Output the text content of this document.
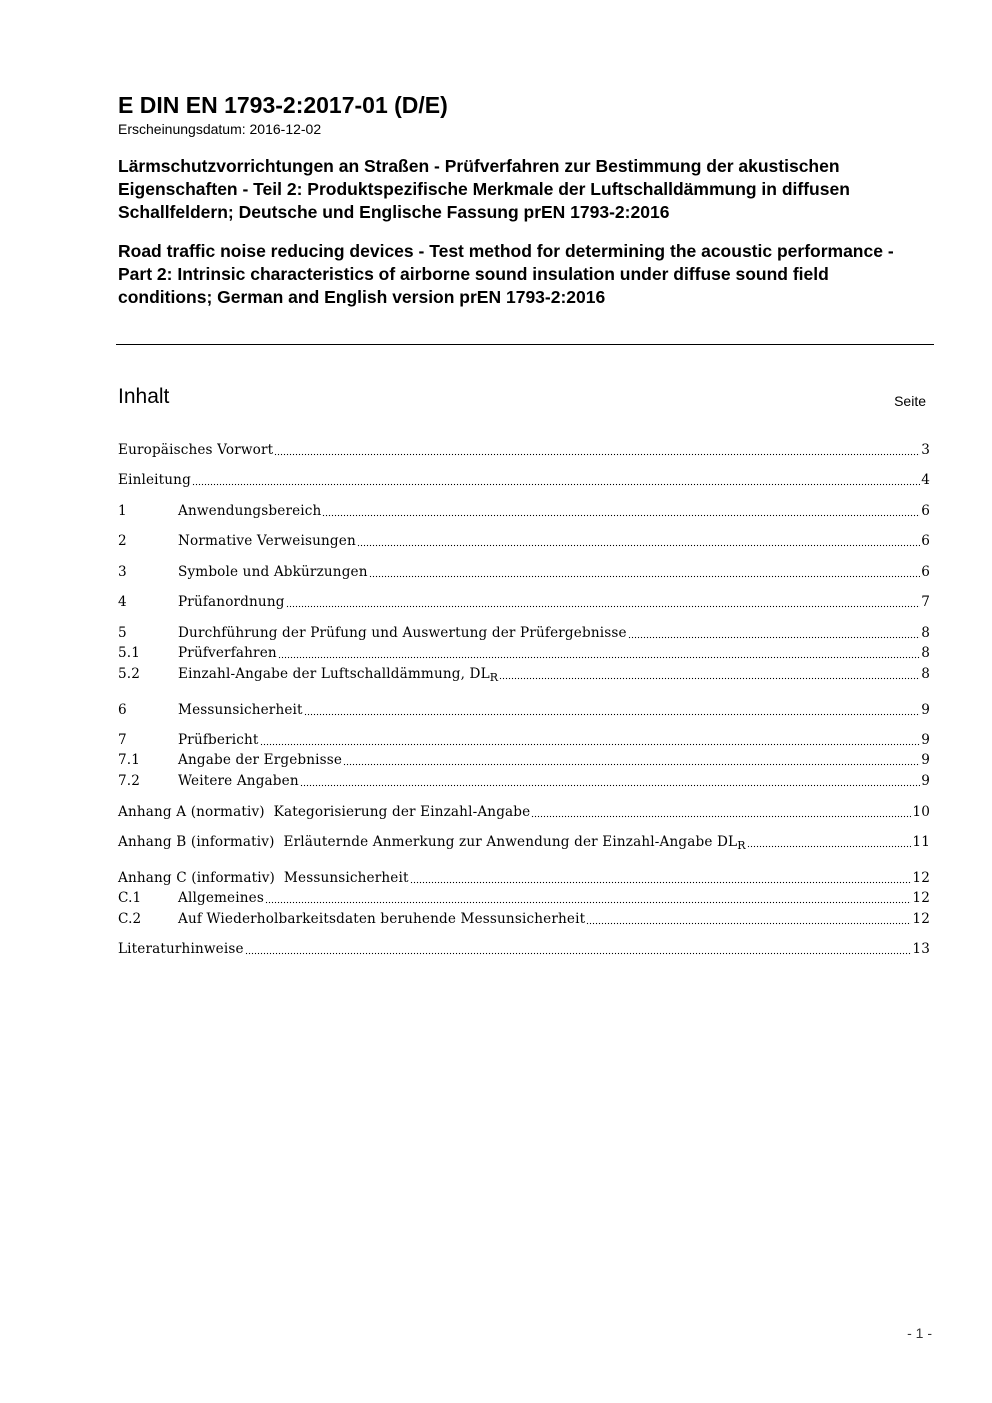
E DIN EN 1793-2:2017-01 (D/E)

Erscheinungsdatum: 2016-12-02

Lärmschutzvorrichtungen an Straßen - Prüfverfahren zur Bestimmung der akustischen Eigenschaften - Teil 2: Produktspezifische Merkmale der Luftschalldämmung in diffusen Schallfeldern; Deutsche und Englische Fassung prEN 1793-2:2016

Road traffic noise reducing devices - Test method for determining the acoustic performance - Part 2: Intrinsic characteristics of airborne sound insulation under diffuse sound field conditions; German and English version prEN 1793-2:2016

Inhalt	Seite
Europäisches Vorwort	3
Einleitung	4
1	Anwendungsbereich	6
2	Normative Verweisungen	6
3	Symbole und Abkürzungen	6
4	Prüfanordnung	7
5	Durchführung der Prüfung und Auswertung der Prüfergebnisse	8
5.1	Prüfverfahren	8
5.2	Einzahl-Angabe der Luftschalldämmung, $DL_R$	8
6	Messunsicherheit	9
7	Prüfbericht	9
7.1	Angabe der Ergebnisse	9
7.2	Weitere Angaben	9
Anhang A (normativ)  Kategorisierung der Einzahl-Angabe	10
Anhang B (informativ)  Erläuternde Anmerkung zur Anwendung der Einzahl-Angabe $DL_R$	11
Anhang C (informativ)  Messunsicherheit	12
C.1	Allgemeines	12
C.2	Auf Wiederholbarkeitsdaten beruhende Messunsicherheit	12
Literaturhinweise	13
- 1 -
